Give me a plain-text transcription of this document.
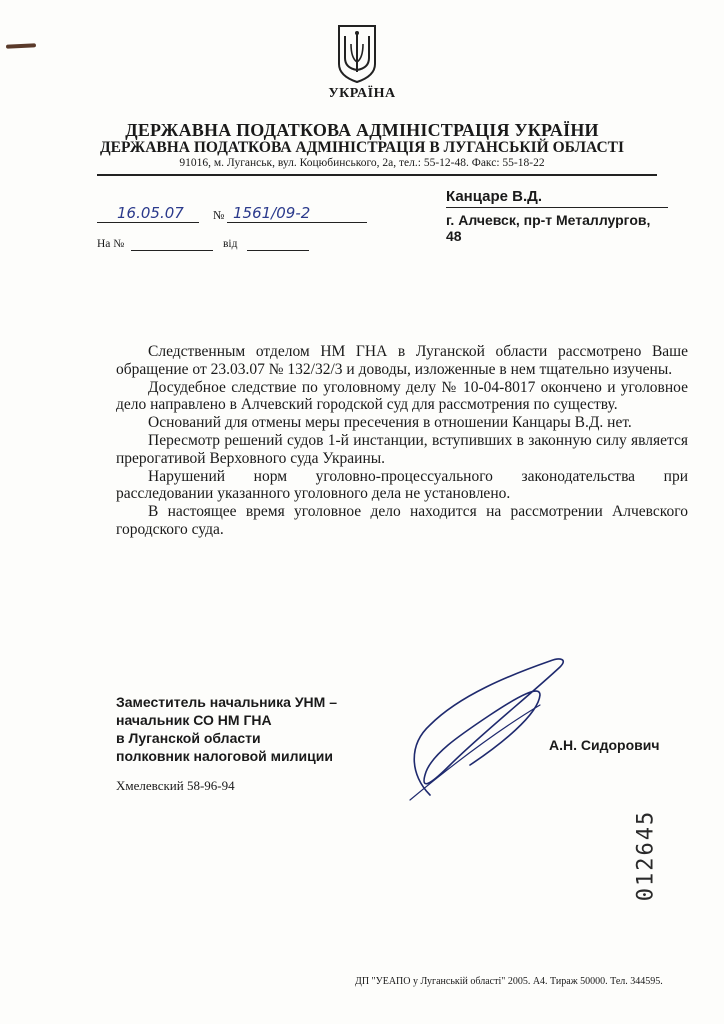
УКРАЇНА
ДЕРЖАВНА ПОДАТКОВА АДМІНІСТРАЦІЯ УКРАЇНИ
ДЕРЖАВНА ПОДАТКОВА АДМІНІСТРАЦІЯ В ЛУГАНСЬКІЙ ОБЛАСТІ
91016, м. Луганськ, вул. Коцюбинського, 2а, тел.: 55-12-48. Факс: 55-18-22
Канцаре В.Д.
г. Алчевск, пр-т Металлургов, 48
16.05.07 № 1561/09-2
На №	від

Следственным отделом НМ ГНА в Луганской области рассмотрено Ваше обращение от 23.03.07 № 132/32/3 и доводы, изложенные в нем тщательно изучены.

Досудебное следствие по уголовному делу № 10-04-8017 окончено и уголовное дело направлено в Алчевский городской суд для рассмотрения по существу.

Оснований для отмены меры пресечения в отношении Канцары В.Д. нет.

Пересмотр решений судов 1-й инстанции, вступивших в законную силу является прерогативой Верховного суда Украины.

Нарушений норм уголовно-процессуального законодательства при расследовании указанного уголовного дела не установлено.

В настоящее время уголовное дело находится на рассмотрении Алчевского городского суда.

Заместитель начальника УНМ –
начальник СО НМ ГНА
в Луганской области
полковник налоговой милиции
А.Н. Сидорович
Хмелевский 58-96-94
012645
ДП "УЕАПО у Луганській області" 2005. А4. Тираж 50000. Тел. 344595.
